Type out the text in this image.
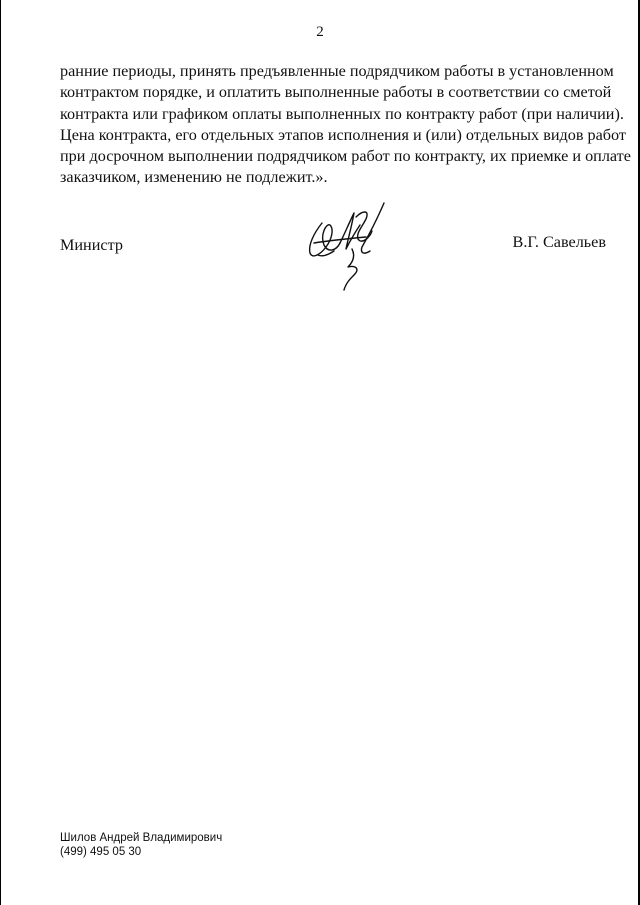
2
ранние периоды, принять предъявленные подрядчиком работы в установленном
контрактом порядке, и оплатить выполненные работы в соответствии со сметой
контракта или графиком оплаты выполненных по контракту работ (при наличии).
Цена контракта, его отдельных этапов исполнения и (или) отдельных видов работ
при досрочном выполнении подрядчиком работ по контракту, их приемке и оплате
заказчиком, изменению не подлежит.».
Министр	В.Г. Савельев
Шилов Андрей Владимирович
(499) 495 05 30
